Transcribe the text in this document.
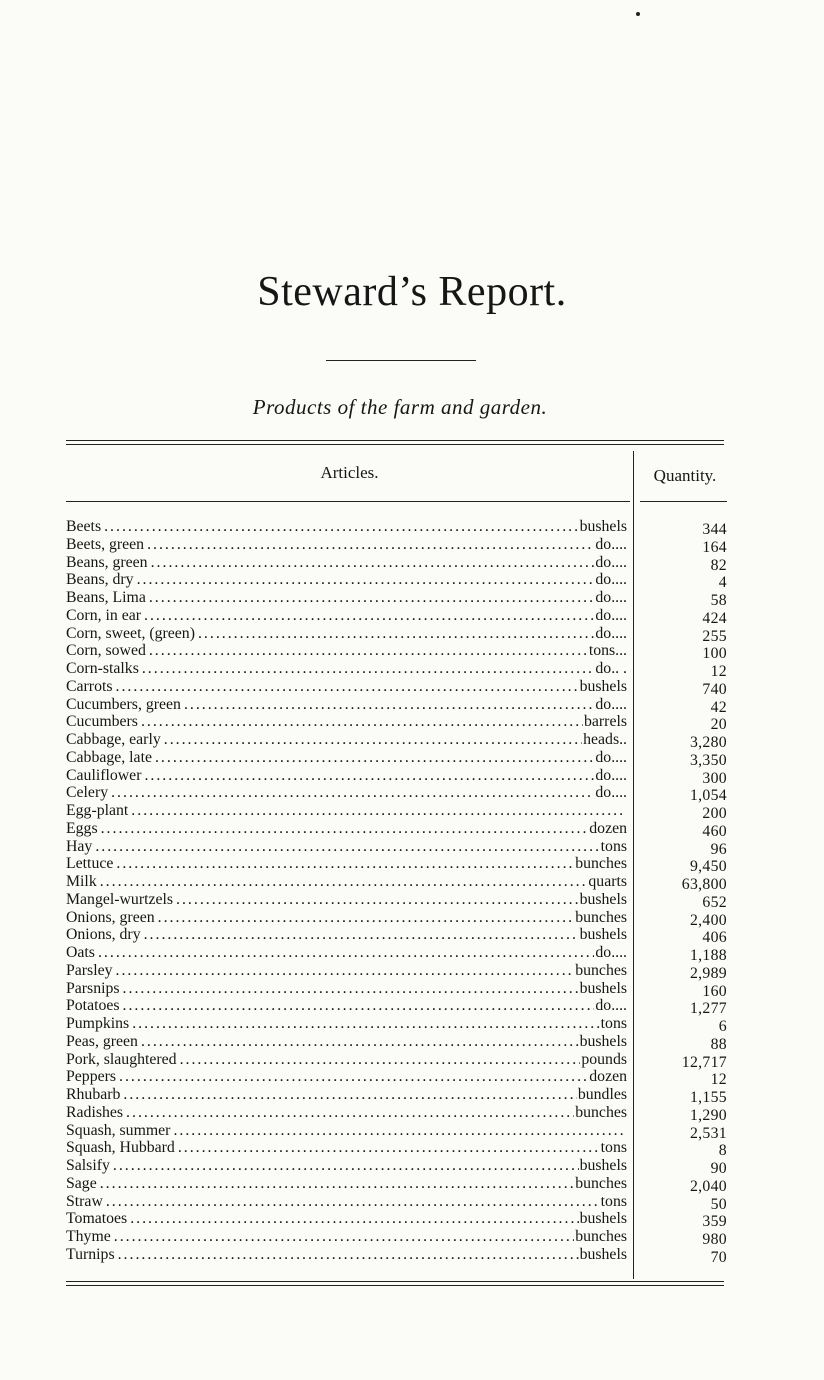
Steward’s Report.
Products of the farm and garden.
Articles.	Quantity.
Beets .....	bushels	344
Beets, green .....	do....	164
Beans, green .....	do....	82
Beans, dry .....	do....	4
Beans, Lima .....	do....	58
Corn, in ear .....	do....	424
Corn, sweet, (green) .....	do....	255
Corn, sowed .....	tons...	100
Corn-stalks .....	do.. .	12
Carrots .....	bushels	740
Cucumbers, green .....	do....	42
Cucumbers .....	barrels	20
Cabbage, early .....	heads..	3,280
Cabbage, late .....	do....	3,350
Cauliflower .....	do....	300
Celery .....	do....	1,054
Egg-plant .....	200
Eggs .....	dozen	460
Hay .....	tons	96
Lettuce .....	bunches	9,450
Milk .....	quarts	63,800
Mangel-wurtzels .....	bushels	652
Onions, green .....	bunches	2,400
Onions, dry .....	bushels	406
Oats .....	do....	1,188
Parsley .....	bunches	2,989
Parsnips .....	bushels	160
Potatoes .....	do....	1,277
Pumpkins .....	tons	6
Peas, green .....	bushels	88
Pork, slaughtered .....	pounds	12,717
Peppers .....	dozen	12
Rhubarb .....	bundles	1,155
Radishes .....	bunches	1,290
Squash, summer .....	2,531
Squash, Hubbard .....	tons	8
Salsify .....	bushels	90
Sage .....	bunches	2,040
Straw .....	tons	50
Tomatoes .....	bushels	359
Thyme .....	bunches	980
Turnips .....	bushels	70
